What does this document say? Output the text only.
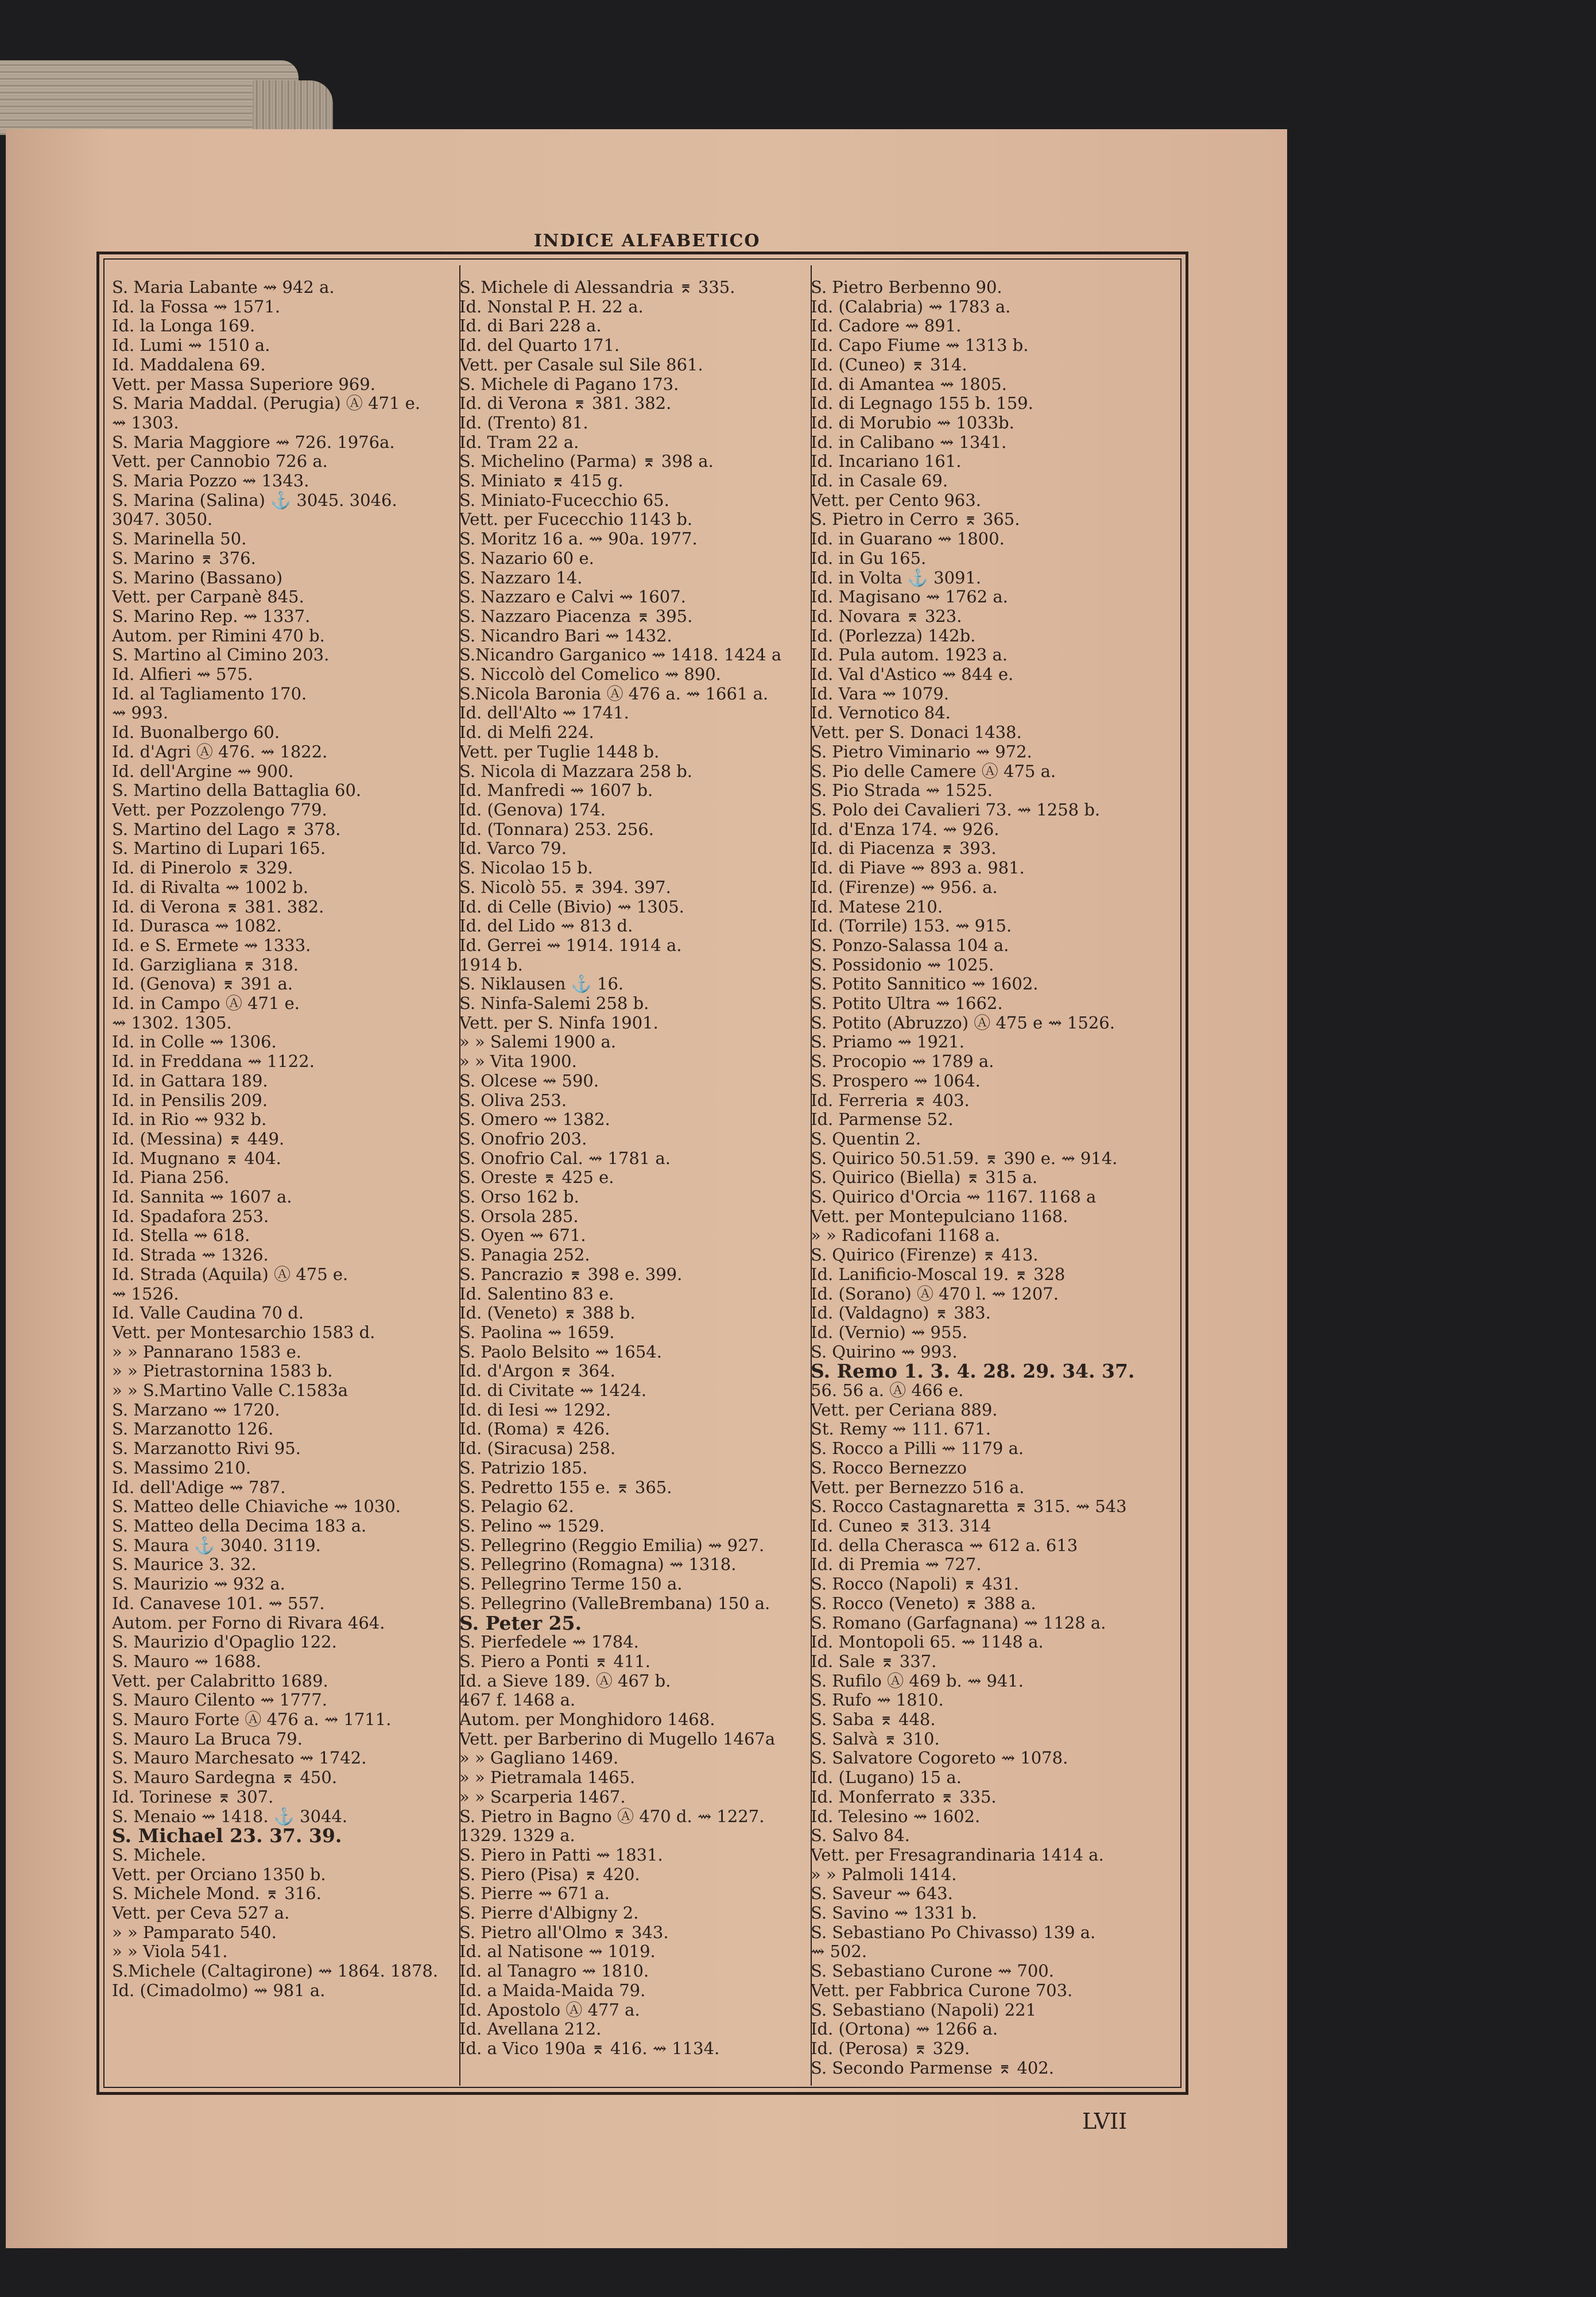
INDICE ALFABETICO
S. Maria Labante ⇝ 942 a.
Id. la Fossa ⇝ 1571.
Id. la Longa 169.
Id. Lumi ⇝ 1510 a.
Id. Maddalena 69.
Vett. per Massa Superiore 969.
S. Maria Maddal. (Perugia) Ⓐ 471 e.
⇝ 1303.
S. Maria Maggiore ⇝ 726. 1976a.
Vett. per Cannobio 726 a.
S. Maria Pozzo ⇝ 1343.
S. Marina (Salina) ⚓ 3045. 3046.
3047. 3050.
S. Marinella 50.
S. Marino ⌆ 376.
S. Marino (Bassano)
Vett. per Carpanè 845.
S. Marino Rep. ⇝ 1337.
Autom. per Rimini 470 b.
S. Martino al Cimino 203.
Id. Alfieri ⇝ 575.
Id. al Tagliamento 170.
⇝ 993.
Id. Buonalbergo 60.
Id. d'Agri Ⓐ 476. ⇝ 1822.
Id. dell'Argine ⇝ 900.
S. Martino della Battaglia 60.
Vett. per Pozzolengo 779.
S. Martino del Lago ⌆ 378.
S. Martino di Lupari 165.
Id. di Pinerolo ⌆ 329.
Id. di Rivalta ⇝ 1002 b.
Id. di Verona ⌆ 381. 382.
Id. Durasca ⇝ 1082.
Id. e S. Ermete ⇝ 1333.
Id. Garzigliana ⌆ 318.
Id. (Genova) ⌆ 391 a.
Id. in Campo Ⓐ 471 e.
⇝ 1302. 1305.
Id. in Colle ⇝ 1306.
Id. in Freddana ⇝ 1122.
Id. in Gattara 189.
Id. in Pensilis 209.
Id. in Rio ⇝ 932 b.
Id. (Messina) ⌆ 449.
Id. Mugnano ⌆ 404.
Id. Piana 256.
Id. Sannita ⇝ 1607 a.
Id. Spadafora 253.
Id. Stella ⇝ 618.
Id. Strada ⇝ 1326.
Id. Strada (Aquila) Ⓐ 475 e.
⇝ 1526.
Id. Valle Caudina 70 d.
Vett. per Montesarchio 1583 d.
» » Pannarano 1583 e.
» » Pietrastornina 1583 b.
» » S.Martino Valle C.1583a
S. Marzano ⇝ 1720.
S. Marzanotto 126.
S. Marzanotto Rivi 95.
S. Massimo 210.
Id. dell'Adige ⇝ 787.
S. Matteo delle Chiaviche ⇝ 1030.
S. Matteo della Decima 183 a.
S. Maura ⚓ 3040. 3119.
S. Maurice 3. 32.
S. Maurizio ⇝ 932 a.
Id. Canavese 101. ⇝ 557.
Autom. per Forno di Rivara 464.
S. Maurizio d'Opaglio 122.
S. Mauro ⇝ 1688.
Vett. per Calabritto 1689.
S. Mauro Cilento ⇝ 1777.
S. Mauro Forte Ⓐ 476 a. ⇝ 1711.
S. Mauro La Bruca 79.
S. Mauro Marchesato ⇝ 1742.
S. Mauro Sardegna ⌆ 450.
Id. Torinese ⌆ 307.
S. Menaio ⇝ 1418. ⚓ 3044.
S. Michael 23. 37. 39.
S. Michele.
Vett. per Orciano 1350 b.
S. Michele Mond. ⌆ 316.
Vett. per Ceva 527 a.
» » Pamparato 540.
» » Viola 541.
S.Michele (Caltagirone) ⇝ 1864. 1878.
Id. (Cimadolmo) ⇝ 981 a.
S. Michele di Alessandria ⌆ 335.
Id. Nonstal P. H. 22 a.
Id. di Bari 228 a.
Id. del Quarto 171.
Vett. per Casale sul Sile 861.
S. Michele di Pagano 173.
Id. di Verona ⌆ 381. 382.
Id. (Trento) 81.
Id. Tram 22 a.
S. Michelino (Parma) ⌆ 398 a.
S. Miniato ⌆ 415 g.
S. Miniato-Fucecchio 65.
Vett. per Fucecchio 1143 b.
S. Moritz 16 a. ⇝ 90a. 1977.
S. Nazario 60 e.
S. Nazzaro 14.
S. Nazzaro e Calvi ⇝ 1607.
S. Nazzaro Piacenza ⌆ 395.
S. Nicandro Bari ⇝ 1432.
S.Nicandro Garganico ⇝ 1418. 1424 a
S. Niccolò del Comelico ⇝ 890.
S.Nicola Baronia Ⓐ 476 a. ⇝ 1661 a.
Id. dell'Alto ⇝ 1741.
Id. di Melfi 224.
Vett. per Tuglie 1448 b.
S. Nicola di Mazzara 258 b.
Id. Manfredi ⇝ 1607 b.
Id. (Genova) 174.
Id. (Tonnara) 253. 256.
Id. Varco 79.
S. Nicolao 15 b.
S. Nicolò 55. ⌆ 394. 397.
Id. di Celle (Bivio) ⇝ 1305.
Id. del Lido ⇝ 813 d.
Id. Gerrei ⇝ 1914. 1914 a.
1914 b.
S. Niklausen ⚓ 16.
S. Ninfa-Salemi 258 b.
Vett. per S. Ninfa 1901.
» » Salemi 1900 a.
» » Vita 1900.
S. Olcese ⇝ 590.
S. Oliva 253.
S. Omero ⇝ 1382.
S. Onofrio 203.
S. Onofrio Cal. ⇝ 1781 a.
S. Oreste ⌆ 425 e.
S. Orso 162 b.
S. Orsola 285.
S. Oyen ⇝ 671.
S. Panagia 252.
S. Pancrazio ⌆ 398 e. 399.
Id. Salentino 83 e.
Id. (Veneto) ⌆ 388 b.
S. Paolina ⇝ 1659.
S. Paolo Belsito ⇝ 1654.
Id. d'Argon ⌆ 364.
Id. di Civitate ⇝ 1424.
Id. di Iesi ⇝ 1292.
Id. (Roma) ⌆ 426.
Id. (Siracusa) 258.
S. Patrizio 185.
S. Pedretto 155 e. ⌆ 365.
S. Pelagio 62.
S. Pelino ⇝ 1529.
S. Pellegrino (Reggio Emilia) ⇝ 927.
S. Pellegrino (Romagna) ⇝ 1318.
S. Pellegrino Terme 150 a.
S. Pellegrino (ValleBrembana) 150 a.
S. Peter 25.
S. Pierfedele ⇝ 1784.
S. Piero a Ponti ⌆ 411.
Id. a Sieve 189. Ⓐ 467 b.
467 f. 1468 a.
Autom. per Monghidoro 1468.
Vett. per Barberino di Mugello 1467a
» » Gagliano 1469.
» » Pietramala 1465.
» » Scarperia 1467.
S. Pietro in Bagno Ⓐ 470 d. ⇝ 1227.
1329. 1329 a.
S. Piero in Patti ⇝ 1831.
S. Piero (Pisa) ⌆ 420.
S. Pierre ⇝ 671 a.
S. Pierre d'Albigny 2.
S. Pietro all'Olmo ⌆ 343.
Id. al Natisone ⇝ 1019.
Id. al Tanagro ⇝ 1810.
Id. a Maida-Maida 79.
Id. Apostolo Ⓐ 477 a.
Id. Avellana 212.
Id. a Vico 190a ⌆ 416. ⇝ 1134.
S. Pietro Berbenno 90.
Id. (Calabria) ⇝ 1783 a.
Id. Cadore ⇝ 891.
Id. Capo Fiume ⇝ 1313 b.
Id. (Cuneo) ⌆ 314.
Id. di Amantea ⇝ 1805.
Id. di Legnago 155 b. 159.
Id. di Morubio ⇝ 1033b.
Id. in Calibano ⇝ 1341.
Id. Incariano 161.
Id. in Casale 69.
Vett. per Cento 963.
S. Pietro in Cerro ⌆ 365.
Id. in Guarano ⇝ 1800.
Id. in Gu 165.
Id. in Volta ⚓ 3091.
Id. Magisano ⇝ 1762 a.
Id. Novara ⌆ 323.
Id. (Porlezza) 142b.
Id. Pula autom. 1923 a.
Id. Val d'Astico ⇝ 844 e.
Id. Vara ⇝ 1079.
Id. Vernotico 84.
Vett. per S. Donaci 1438.
S. Pietro Viminario ⇝ 972.
S. Pio delle Camere Ⓐ 475 a.
S. Pio Strada ⇝ 1525.
S. Polo dei Cavalieri 73. ⇝ 1258 b.
Id. d'Enza 174. ⇝ 926.
Id. di Piacenza ⌆ 393.
Id. di Piave ⇝ 893 a. 981.
Id. (Firenze) ⇝ 956. a.
Id. Matese 210.
Id. (Torrile) 153. ⇝ 915.
S. Ponzo-Salassa 104 a.
S. Possidonio ⇝ 1025.
S. Potito Sannitico ⇝ 1602.
S. Potito Ultra ⇝ 1662.
S. Potito (Abruzzo) Ⓐ 475 e ⇝ 1526.
S. Priamo ⇝ 1921.
S. Procopio ⇝ 1789 a.
S. Prospero ⇝ 1064.
Id. Ferreria ⌆ 403.
Id. Parmense 52.
S. Quentin 2.
S. Quirico 50.51.59. ⌆ 390 e. ⇝ 914.
S. Quirico (Biella) ⌆ 315 a.
S. Quirico d'Orcia ⇝ 1167. 1168 a
Vett. per Montepulciano 1168.
» » Radicofani 1168 a.
S. Quirico (Firenze) ⌆ 413.
Id. Lanificio-Moscal 19. ⌆ 328
Id. (Sorano) Ⓐ 470 l. ⇝ 1207.
Id. (Valdagno) ⌆ 383.
Id. (Vernio) ⇝ 955.
S. Quirino ⇝ 993.
S. Remo 1. 3. 4. 28. 29. 34. 37.
56. 56 a. Ⓐ 466 e.
Vett. per Ceriana 889.
St. Remy ⇝ 111. 671.
S. Rocco a Pilli ⇝ 1179 a.
S. Rocco Bernezzo
Vett. per Bernezzo 516 a.
S. Rocco Castagnaretta ⌆ 315. ⇝ 543
Id. Cuneo ⌆ 313. 314
Id. della Cherasca ⇝ 612 a. 613
Id. di Premia ⇝ 727.
S. Rocco (Napoli) ⌆ 431.
S. Rocco (Veneto) ⌆ 388 a.
S. Romano (Garfagnana) ⇝ 1128 a.
Id. Montopoli 65. ⇝ 1148 a.
Id. Sale ⌆ 337.
S. Rufilo Ⓐ 469 b. ⇝ 941.
S. Rufo ⇝ 1810.
S. Saba ⌆ 448.
S. Salvà ⌆ 310.
S. Salvatore Cogoreto ⇝ 1078.
Id. (Lugano) 15 a.
Id. Monferrato ⌆ 335.
Id. Telesino ⇝ 1602.
S. Salvo 84.
Vett. per Fresagrandinaria 1414 a.
» » Palmoli 1414.
S. Saveur ⇝ 643.
S. Savino ⇝ 1331 b.
S. Sebastiano Po Chivasso) 139 a.
⇝ 502.
S. Sebastiano Curone ⇝ 700.
Vett. per Fabbrica Curone 703.
S. Sebastiano (Napoli) 221
Id. (Ortona) ⇝ 1266 a.
Id. (Perosa) ⌆ 329.
S. Secondo Parmense ⌆ 402.
LVII
